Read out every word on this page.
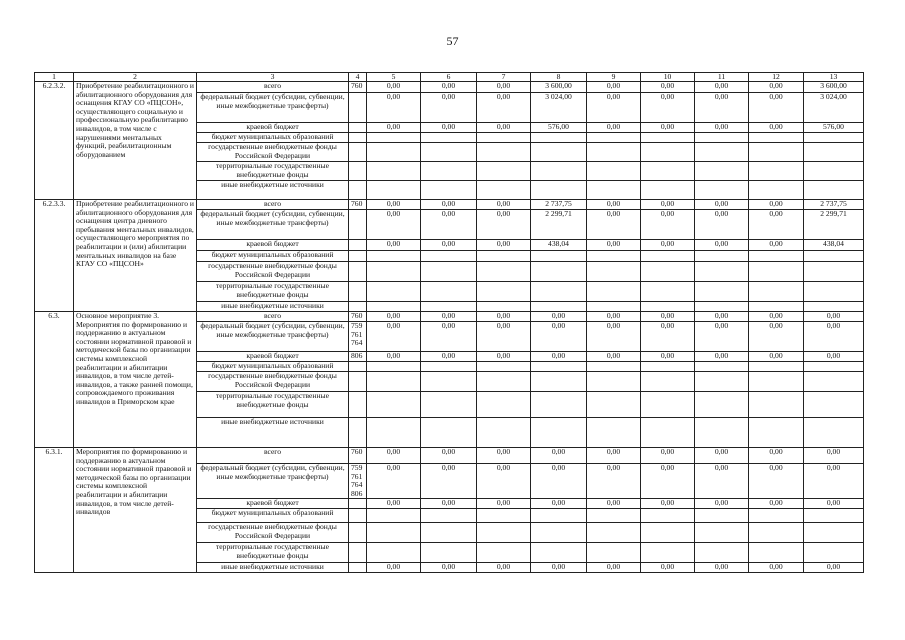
57
1	2	3	4	5	6	7	8	9	10	11	12	13
6.2.3.2.	Приобретение реабилитационного и абилитационного оборудования для оснащения КГАУ СО «ПЦСОН», осуществляющего социальную и профессиональную реабилитацию инвалидов, в том числе с нарушениями ментальных функций, реабилитационным оборудованием	всего	760	0,00	0,00	0,00	3 600,00	0,00	0,00	0,00	0,00	3 600,00
		федеральный бюджет (субсидии, субвенции, иные межбюджетные трансферты)		0,00	0,00	0,00	3 024,00	0,00	0,00	0,00	0,00	3 024,00
		краевой бюджет		0,00	0,00	0,00	576,00	0,00	0,00	0,00	0,00	576,00
		бюджет муниципальных образований										
		государственные внебюджетные фонды Российской Федерации										
		территориальные государственные внебюджетные фонды										
		иные внебюджетные источники										
6.2.3.3.	Приобретение реабилитационного и абилитационного оборудования для оснащения центра дневного пребывания ментальных инвалидов, осуществляющего мероприятия по реабилитации и (или) абилитации ментальных инвалидов на базе КГАУ СО «ПЦСОН»	всего	760	0,00	0,00	0,00	2 737,75	0,00	0,00	0,00	0,00	2 737,75
		федеральный бюджет (субсидии, субвенции, иные межбюджетные трансферты)		0,00	0,00	0,00	2 299,71	0,00	0,00	0,00	0,00	2 299,71
		краевой бюджет		0,00	0,00	0,00	438,04	0,00	0,00	0,00	0,00	438,04
		бюджет муниципальных образований										
		государственные внебюджетные фонды Российской Федерации										
		территориальные государственные внебюджетные фонды										
		иные внебюджетные источники										
6.3.	Основное мероприятие 3. Мероприятия по формированию и поддержанию в актуальном состоянии нормативной правовой и методической базы по организации системы комплексной реабилитации и абилитации инвалидов, в том числе детей-инвалидов, а также ранней помощи, сопровождаемого проживания инвалидов в Приморском крае	всего	760	0,00	0,00	0,00	0,00	0,00	0,00	0,00	0,00	0,00
		федеральный бюджет (субсидии, субвенции, иные межбюджетные трансферты)	759 761 764	0,00	0,00	0,00	0,00	0,00	0,00	0,00	0,00	0,00
		краевой бюджет	806	0,00	0,00	0,00	0,00	0,00	0,00	0,00	0,00	0,00
		бюджет муниципальных образований										
		государственные внебюджетные фонды Российской Федерации										
		территориальные государственные внебюджетные фонды										
		иные внебюджетные источники										
6.3.1.	Мероприятия по формированию и поддержанию в актуальном состоянии нормативной правовой и методической базы по организации системы комплексной реабилитации и абилитации инвалидов, в том числе детей-инвалидов	всего	760	0,00	0,00	0,00	0,00	0,00	0,00	0,00	0,00	0,00
		федеральный бюджет (субсидии, субвенции, иные межбюджетные трансферты)	759 761 764 806	0,00	0,00	0,00	0,00	0,00	0,00	0,00	0,00	0,00
		краевой бюджет		0,00	0,00	0,00	0,00	0,00	0,00	0,00	0,00	0,00
		бюджет муниципальных образований										
		государственные внебюджетные фонды Российской Федерации										
		территориальные государственные внебюджетные фонды										
		иные внебюджетные источники		0,00	0,00	0,00	0,00	0,00	0,00	0,00	0,00	0,00
